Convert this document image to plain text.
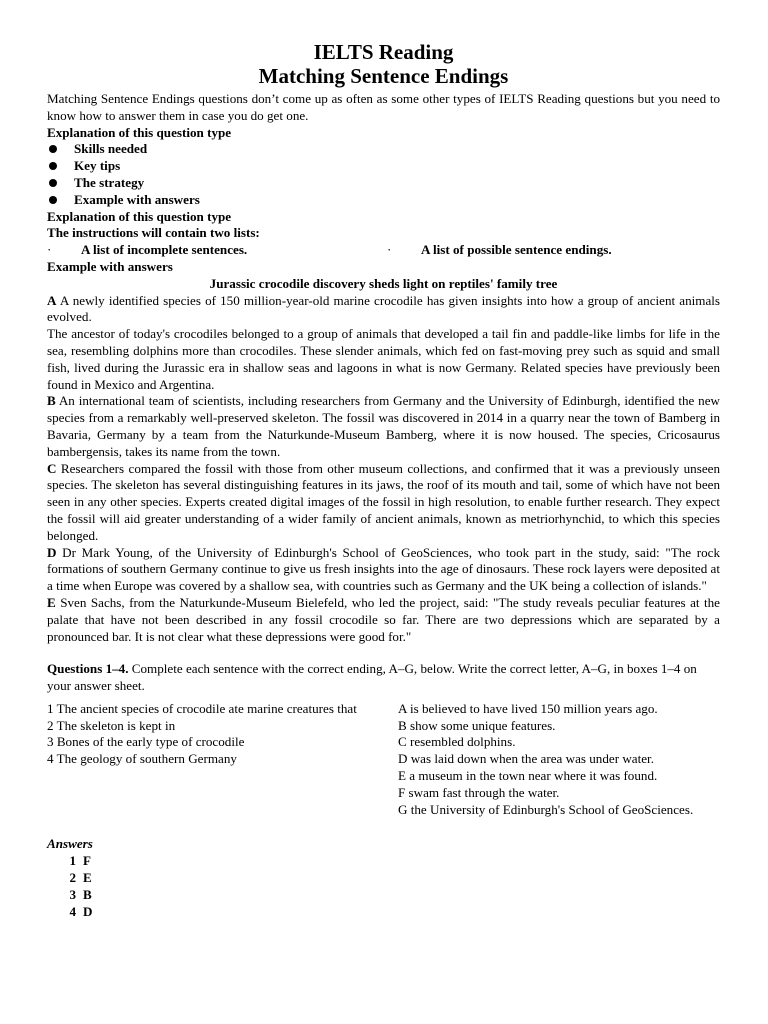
IELTS Reading
Matching Sentence Endings

Matching Sentence Endings questions don’t come up as often as some other types of IELTS Reading questions but you need to know how to answer them in case you do get one.

Explanation of this question type

Skills needed
Key tips
The strategy
Example with answers

Explanation of this question type

The instructions will contain two lists:

· A list of incomplete sentences.	· A list of possible sentence endings.

Example with answers

Jurassic crocodile discovery sheds light on reptiles' family tree

A A newly identified species of 150 million-year-old marine crocodile has given insights into how a group of ancient animals evolved.

The ancestor of today's crocodiles belonged to a group of animals that developed a tail fin and paddle-like limbs for life in the sea, resembling dolphins more than crocodiles. These slender animals, which fed on fast-moving prey such as squid and small fish, lived during the Jurassic era in shallow seas and lagoons in what is now Germany. Related species have previously been found in Mexico and Argentina.

B An international team of scientists, including researchers from Germany and the University of Edinburgh, identified the new species from a remarkably well-preserved skeleton. The fossil was discovered in 2014 in a quarry near the town of Bamberg in Bavaria, Germany by a team from the Naturkunde-Museum Bamberg, where it is now housed. The species, Cricosaurus bambergensis, takes its name from the town.

C Researchers compared the fossil with those from other museum collections, and confirmed that it was a previously unseen species. The skeleton has several distinguishing features in its jaws, the roof of its mouth and tail, some of which have not been seen in any other species. Experts created digital images of the fossil in high resolution, to enable further research. They expect the fossil will aid greater understanding of a wider family of ancient animals, known as metriorhynchid, to which this species belonged.

D Dr Mark Young, of the University of Edinburgh's School of GeoSciences, who took part in the study, said: "The rock formations of southern Germany continue to give us fresh insights into the age of dinosaurs. These rock layers were deposited at a time when Europe was covered by a shallow sea, with countries such as Germany and the UK being a collection of islands."

E Sven Sachs, from the Naturkunde-Museum Bielefeld, who led the project, said: "The study reveals peculiar features at the palate that have not been described in any fossil crocodile so far. There are two depressions which are separated by a pronounced bar. It is not clear what these depressions were good for."

Questions 1–4. Complete each sentence with the correct ending, A–G, below. Write the correct letter, A–G, in boxes 1–4 on your answer sheet.

1 The ancient species of crocodile ate marine creatures that

2 The skeleton is kept in

3 Bones of the early type of crocodile

4 The geology of southern Germany

A is believed to have lived 150 million years ago.

B show some unique features.

C resembled dolphins.

D was laid down when the area was under water.

E a museum in the town near where it was found.

F swam fast through the water.

G the University of Edinburgh's School of GeoSciences.

Answers

1 F
2 E
3 B
4 D
